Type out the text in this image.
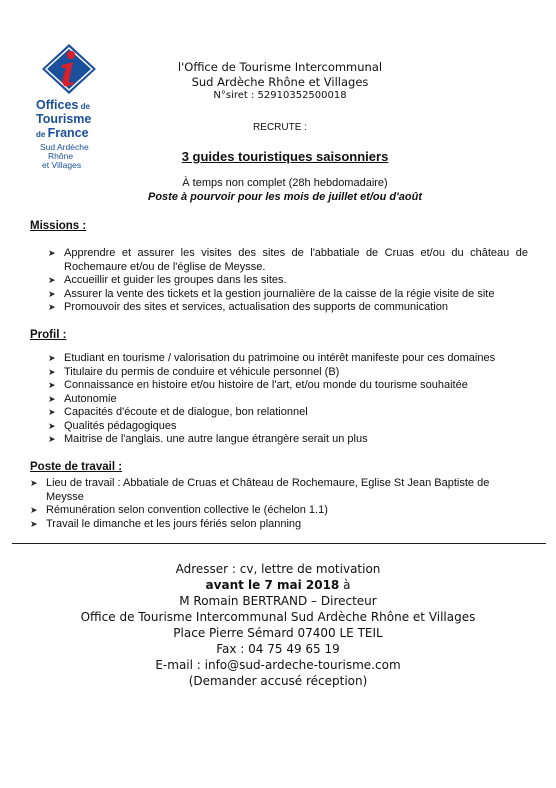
Offices de
Tourisme
de France
Sud Ardèche
Rhône
et Villages
l'Office de Tourisme Intercommunal
Sud Ardèche Rhône et Villages
N°siret : 52910352500018
RECRUTE :
3 guides touristiques saisonniers
À temps non complet (28h hebdomadaire)
Poste à pourvoir pour les mois de juillet et/ou d'août
Missions :
➤ Apprendre et assurer les visites des sites de l'abbatiale de Cruas et/ou du château de Rochemaure et/ou de l'église de Meysse.
➤ Accueillir et guider les groupes dans les sites.
➤ Assurer la vente des tickets et la gestion journalière de la caisse de la régie visite de site
➤ Promouvoir des sites et services, actualisation des supports de communication
Profil :
➤ Etudiant en tourisme / valorisation du patrimoine ou intérêt manifeste pour ces domaines
➤ Titulaire du permis de conduire et véhicule personnel (B)
➤ Connaissance en histoire et/ou histoire de l'art, et/ou monde du tourisme souhaitée
➤ Autonomie
➤ Capacités d'écoute et de dialogue, bon relationnel
➤ Qualités pédagogiques
➤ Maitrise de l'anglais. une autre langue étrangère serait un plus
Poste de travail :
➤ Lieu de travail : Abbatiale de Cruas et Château de Rochemaure, Eglise St Jean Baptiste de Meysse
➤ Rémunération selon convention collective le (échelon 1.1)
➤ Travail le dimanche et les jours fériés selon planning
Adresser : cv, lettre de motivation
avant le 7 mai 2018 à
M Romain BERTRAND – Directeur
Office de Tourisme Intercommunal Sud Ardèche Rhône et Villages
Place Pierre Sémard 07400 LE TEIL
Fax : 04 75 49 65 19
E-mail : info@sud-ardeche-tourisme.com
(Demander accusé réception)
